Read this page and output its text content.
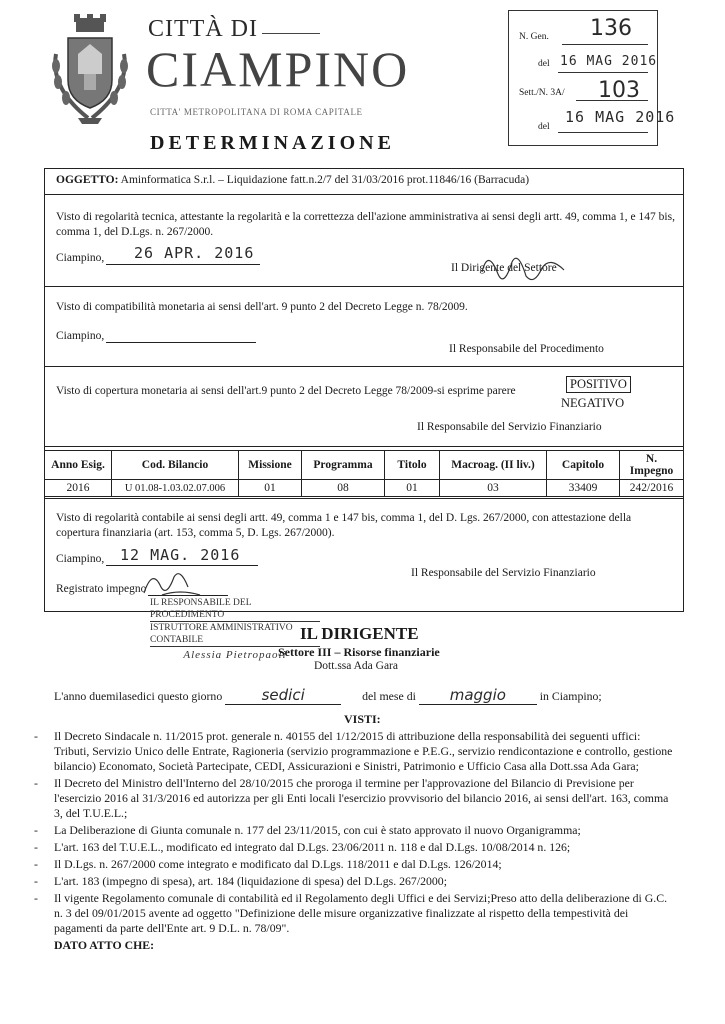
CITTÀ DI
CIAMPINO
CITTA' METROPOLITANA DI ROMA CAPITALE
DETERMINAZIONE
N. Gen. 136
del 16 MAG 2016
Sett./N. 3A/ 103
del
16 MAG 2016
OGGETTO: Aminformatica S.r.l. – Liquidazione fatt.n.2/7 del 31/03/2016 prot.11846/16 (Barracuda)
Visto di regolarità tecnica, attestante la regolarità e la correttezza dell'azione amministrativa ai sensi degli artt. 49, comma 1, e 147 bis, comma 1, del D.Lgs. n. 267/2000.
Ciampino, 26 APR. 2016
Il Dirigente del Settore
Visto di compatibilità monetaria ai sensi dell'art. 9 punto 2 del Decreto Legge n. 78/2009.
Ciampino,
Il Responsabile del Procedimento
Visto di copertura monetaria ai sensi dell'art.9 punto 2 del Decreto Legge 78/2009-si esprime parere	POSITIVO
NEGATIVO
Il Responsabile del Servizio Finanziario
Anno Esig.	Cod. Bilancio	Missione	Programma	Titolo	Macroag. (II liv.)	Capitolo	N. Impegno
2016	U 01.08-1.03.02.07.006	01	08	01	03	33409	242/2016
Visto di regolarità contabile ai sensi degli artt. 49, comma 1 e 147 bis, comma 1, del D. Lgs. 267/2000, con attestazione della copertura finanziaria (art. 153, comma 5, D. Lgs. 267/2000).
Ciampino, 12 MAG. 2016
Il Responsabile del Servizio Finanziario
Registrato impegno
IL RESPONSABILE DEL PROCEDIMENTO
ISTRUTTORE AMMINISTRATIVO CONTABILE
Alessia Pietropaoli
IL DIRIGENTE
Settore III – Risorse finanziarie
Dott.ssa Ada Gara
L'anno duemilasedici questo giorno	sedici	del mese di maggio	in Ciampino;
VISTI:
- Il Decreto Sindacale n. 11/2015 prot. generale n. 40155 del 1/12/2015 di attribuzione della responsabilità dei seguenti uffici: Tributi, Servizio Unico delle Entrate, Ragioneria (servizio programmazione e P.E.G., servizio rendicontazione e controllo, gestione bilancio) Economato, Società Partecipate, CEDI, Assicurazioni e Sinistri, Patrimonio e Ufficio Casa alla Dott.ssa Ada Gara;
- Il Decreto del Ministro dell'Interno del 28/10/2015 che proroga il termine per l'approvazione del Bilancio di Previsione per l'esercizio 2016 al 31/3/2016 ed autorizza per gli Enti locali l'esercizio provvisorio del bilancio 2016, ai sensi dell'art. 163, comma 3, del T.U.E.L.;
- La Deliberazione di Giunta comunale n. 177 del 23/11/2015, con cui è stato approvato il nuovo Organigramma;
- L'art. 163 del T.U.E.L., modificato ed integrato dal D.Lgs. 23/06/2011 n. 118 e dal D.Lgs. 10/08/2014 n. 126;
- Il D.Lgs. n. 267/2000 come integrato e modificato dal D.Lgs. 118/2011 e dal D.Lgs. 126/2014;
- L'art. 183 (impegno di spesa), art. 184 (liquidazione di spesa) del D.Lgs. 267/2000;
- Il vigente Regolamento comunale di contabilità ed il Regolamento degli Uffici e dei Servizi;Preso atto della deliberazione di G.C. n. 3 del 09/01/2015 avente ad oggetto "Definizione delle misure organizzative finalizzate al rispetto della tempestività dei pagamenti da parte dell'Ente art. 9 D.L. n. 78/09".
DATO ATTO CHE:
